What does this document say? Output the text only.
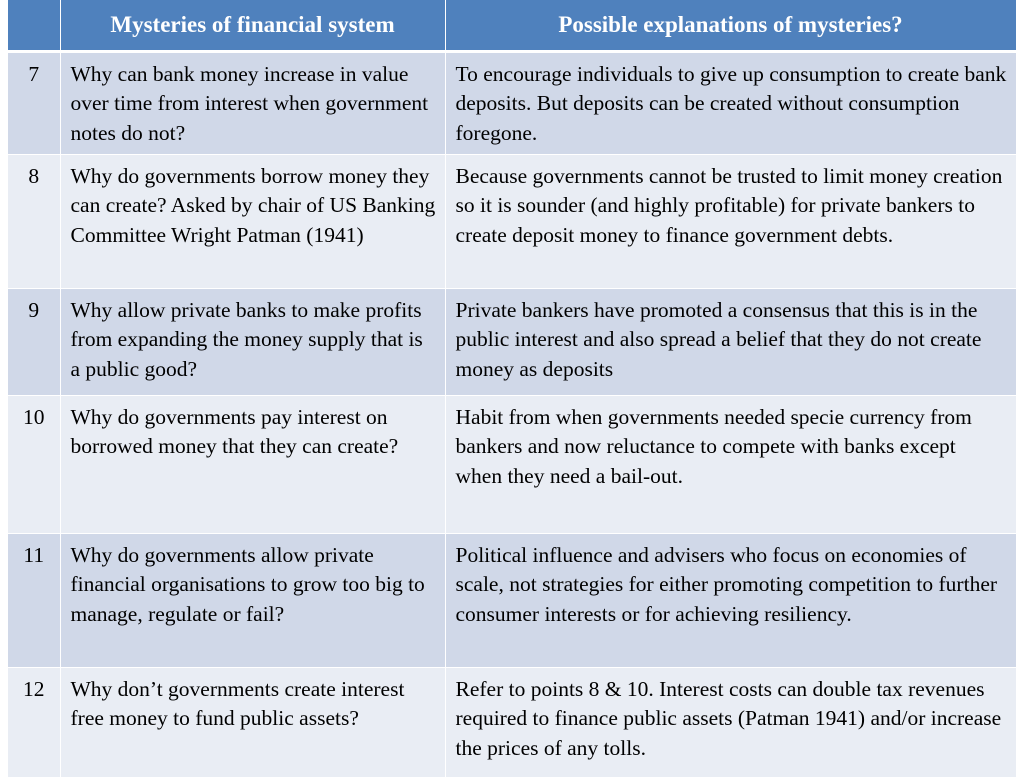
	Mysteries of financial system	Possible explanations of mysteries?
7	Why can bank money increase in value over time from interest when government notes do not?	To encourage individuals to give up consumption to create bank deposits. But deposits can be created without consumption foregone.
8	Why do governments borrow money they can create? Asked by chair of US Banking Committee Wright Patman (1941)	Because governments cannot be trusted to limit money creation so it is sounder (and highly profitable) for private bankers to create deposit money to finance government debts.
9	Why allow private banks to make profits from expanding the money supply that is a public good?	Private bankers have promoted a consensus that this is in the public interest and also spread a belief that they do not create money as deposits
10	Why do governments pay interest on borrowed money that they can create?	Habit from when governments needed specie currency from bankers and now reluctance to compete with banks except when they need a bail-out.
11	Why do governments allow private financial organisations to grow too big to manage, regulate or fail?	Political influence and advisers who focus on economies of scale, not strategies for either promoting competition to further consumer interests or for achieving resiliency.
12	Why don’t governments create interest free money to fund public assets?	Refer to points 8 & 10. Interest costs can double tax revenues required to finance public assets (Patman 1941) and/or increase the prices of any tolls.
